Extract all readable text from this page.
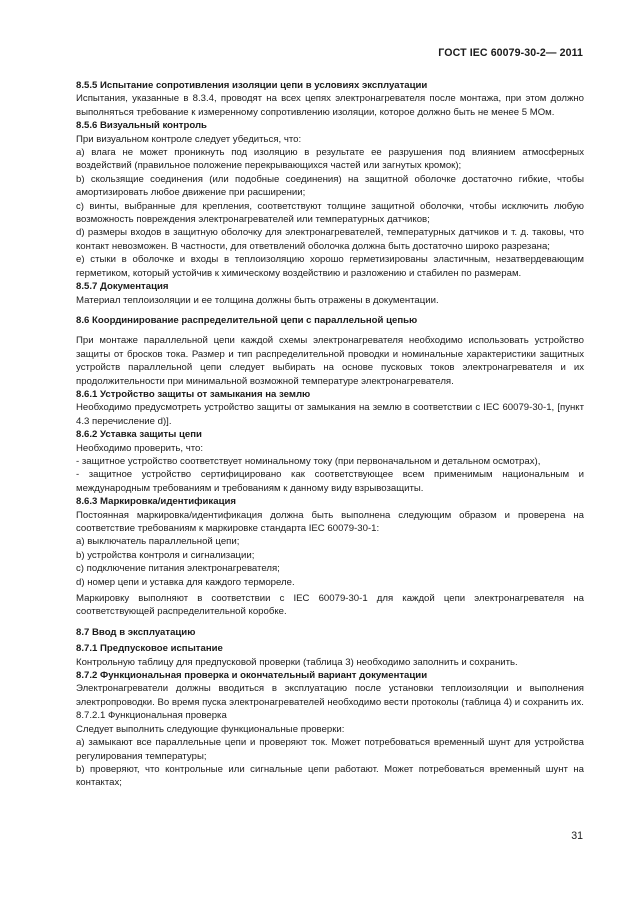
ГОСТ IEC 60079-30-2— 2011

8.5.5 Испытание сопротивления изоляции цепи в условиях эксплуатации

Испытания, указанные в 8.3.4, проводят на всех цепях электронагревателя после монтажа, при этом должно выполняться требование к измеренному сопротивлению изоляции, которое должно быть не менее 5 МОм.

8.5.6 Визуальный контроль

При визуальном контроле следует убедиться, что:

a) влага не может проникнуть под изоляцию в результате ее разрушения под влиянием атмосферных воздействий (правильное положение перекрывающихся частей или загнутых кромок);

b) скользящие соединения (или подобные соединения) на защитной оболочке достаточно гибкие, чтобы амортизировать любое движение при расширении;

c) винты, выбранные для крепления, соответствуют толщине защитной оболочки, чтобы исключить любую возможность повреждения электронагревателей или температурных датчиков;

d) размеры входов в защитную оболочку для электронагревателей, температурных датчиков и т. д. таковы, что контакт невозможен. В частности, для ответвлений оболочка должна быть достаточно широко разрезана;

e) стыки в оболочке и входы в теплоизоляцию хорошо герметизированы эластичным, незатвердевающим герметиком, который устойчив к химическому воздействию и разложению и стабилен по размерам.

8.5.7 Документация

Материал теплоизоляции и ее толщина должны быть отражены в документации.

8.6 Координирование распределительной цепи с параллельной цепью

При монтаже параллельной цепи каждой схемы электронагревателя необходимо использовать устройство защиты от бросков тока. Размер и тип распределительной проводки и номинальные характеристики защитных устройств параллельной цепи следует выбирать на основе пусковых токов электронагревателя и их продолжительности при минимальной возможной температуре электронагревателя.

8.6.1 Устройство защиты от замыкания на землю

Необходимо предусмотреть устройство защиты от замыкания на землю в соответствии с IEC 60079-30-1, [пункт 4.3 перечисление d)].

8.6.2 Уставка защиты цепи

Необходимо проверить, что:

- защитное устройство соответствует номинальному току (при первоначальном и детальном осмотрах),

- защитное устройство сертифицировано как соответствующее всем применимым национальным и международным требованиям и требованиям к данному виду взрывозащиты.

8.6.3 Маркировка/идентификация

Постоянная маркировка/идентификация должна быть выполнена следующим образом и проверена на соответствие требованиям к маркировке стандарта IEC 60079-30-1:

a) выключатель параллельной цепи;

b) устройства контроля и сигнализации;

c) подключение питания электронагревателя;

d) номер цепи и уставка для каждого термореле.

Маркировку выполняют в соответствии с IEC 60079-30-1 для каждой цепи электронагревателя на соответствующей распределительной коробке.

8.7 Ввод в эксплуатацию

8.7.1 Предпусковое испытание

Контрольную таблицу для предпусковой проверки (таблица 3) необходимо заполнить и сохранить.

8.7.2 Функциональная проверка и окончательный вариант документации

Электронагреватели должны вводиться в эксплуатацию после установки теплоизоляции и выполнения электропроводки. Во время пуска электронагревателей необходимо вести протоколы (таблица 4) и сохранить их.

8.7.2.1 Функциональная проверка

Следует выполнить следующие функциональные проверки:

a) замыкают все параллельные цепи и проверяют ток. Может потребоваться временный шунт для устройства регулирования температуры;

b) проверяют, что контрольные или сигнальные цепи работают. Может потребоваться временный шунт на контактах;

31
